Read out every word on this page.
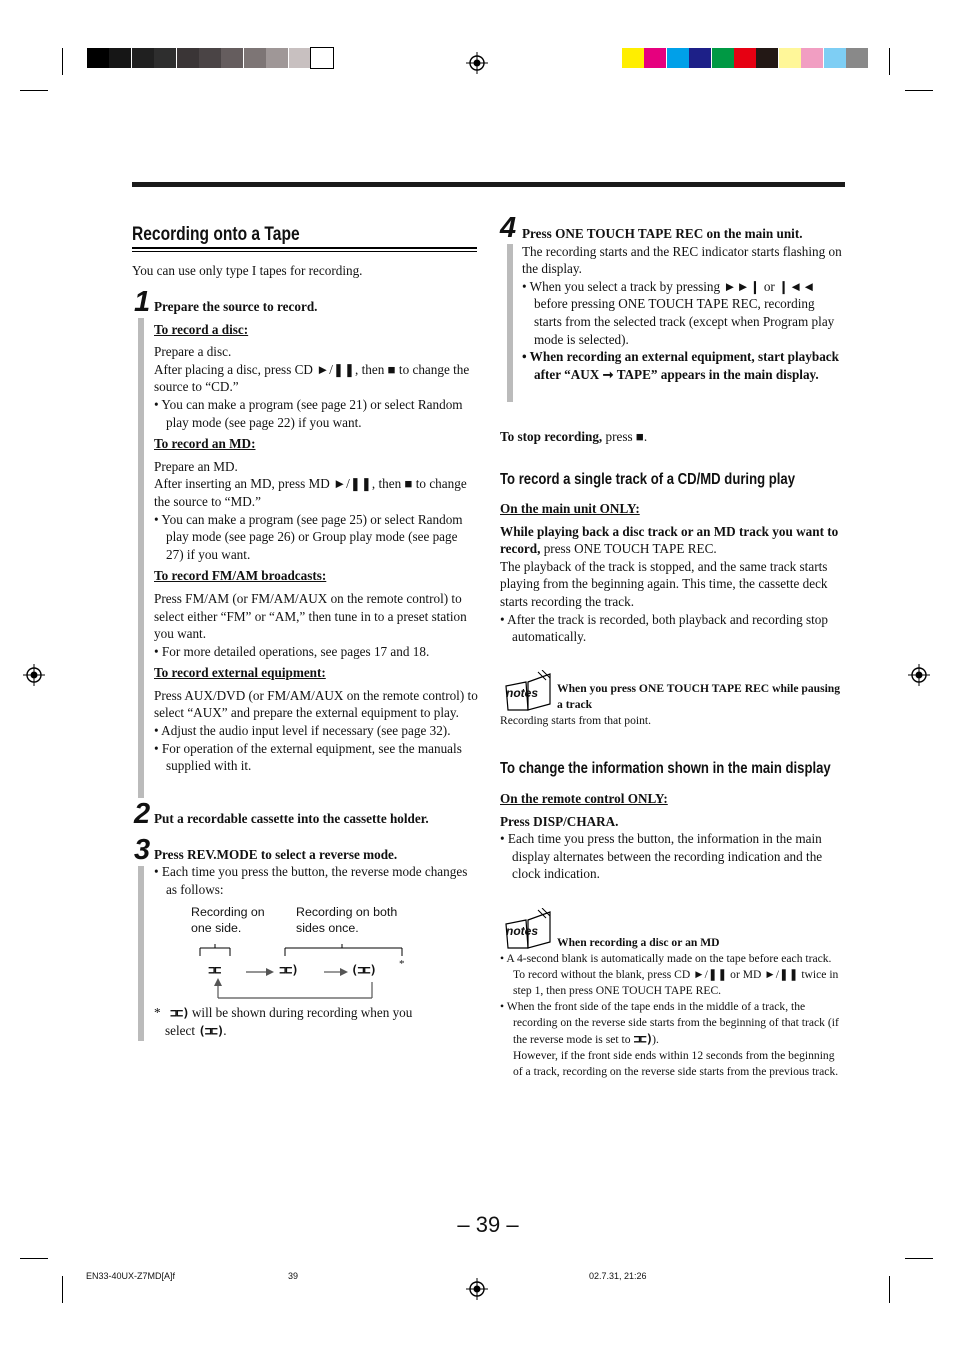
Recording onto a Tape

You can use only type I tapes for recording.

1 Prepare the source to record.

To record a disc:

Prepare a disc.

After placing a disc, press CD ►/❚❚, then ■ to change the source to “CD.”

• You can make a program (see page 21) or select Random play mode (see page 22) if you want.

To record an MD:

Prepare an MD.

After inserting an MD, press MD ►/❚❚, then ■ to change the source to “MD.”

• You can make a program (see page 25) or select Random play mode (see page 26) or Group play mode (see page 27) if you want.

To record FM/AM broadcasts:

Press FM/AM (or FM/AM/AUX on the remote control) to select either “FM” or “AM,” then tune in to a preset station you want.

• For more detailed operations, see pages 17 and 18.

To record external equipment:

Press AUX/DVD (or FM/AM/AUX on the remote control) to select “AUX” and prepare the external equipment to play.

• Adjust the audio input level if necessary (see page 32).

• For operation of the external equipment, see the manuals supplied with it.

2 Put a recordable cassette into the cassette holder.

3 Press REV.MODE to select a reverse mode.

• Each time you press the button, the reverse mode changes as follows:

Recording on one side.
Recording on both sides once.
⊐⊏	⊐⊏)	(⊐⊏) *
* ⊐⊏) will be shown during recording when you
select (⊐⊏).
4 Press ONE TOUCH TAPE REC on the main unit.

The recording starts and the REC indicator starts flashing on the display.

• When you select a track by pressing ►►❙ or ❙◄◄ before pressing ONE TOUCH TAPE REC, recording starts from the selected track (except when Program play mode is selected).

• When recording an external equipment, start playback after “AUX ➞ TAPE” appears in the main display.

To stop recording, press ■.

To record a single track of a CD/MD during play

On the main unit ONLY:

While playing back a disc track or an MD track you want to record, press ONE TOUCH TAPE REC.

The playback of the track is stopped, and the same track starts playing from the beginning again. This time, the cassette deck starts recording the track.

• After the track is recorded, both playback and recording stop automatically.

notes When you press ONE TOUCH TAPE REC while pausing a track
Recording starts from that point.
To change the information shown in the main display

On the remote control ONLY:

Press DISP/CHARA.

• Each time you press the button, the information in the main display alternates between the recording indication and the clock indication.

notes
When recording a disc or an MD

• A 4-second blank is automatically made on the tape before each track. To record without the blank, press CD ►/❚❚ or MD ►/❚❚ twice in step 1, then press ONE TOUCH TAPE REC.

• When the front side of the tape ends in the middle of a track, the recording on the reverse side starts from the beginning of that track (if the reverse mode is set to ⊐⊏)).

However, if the front side ends within 12 seconds from the beginning of a track, recording on the reverse side starts from the previous track.

– 39 –
EN33-40UX-Z7MD[A]f	39	02.7.31, 21:26
